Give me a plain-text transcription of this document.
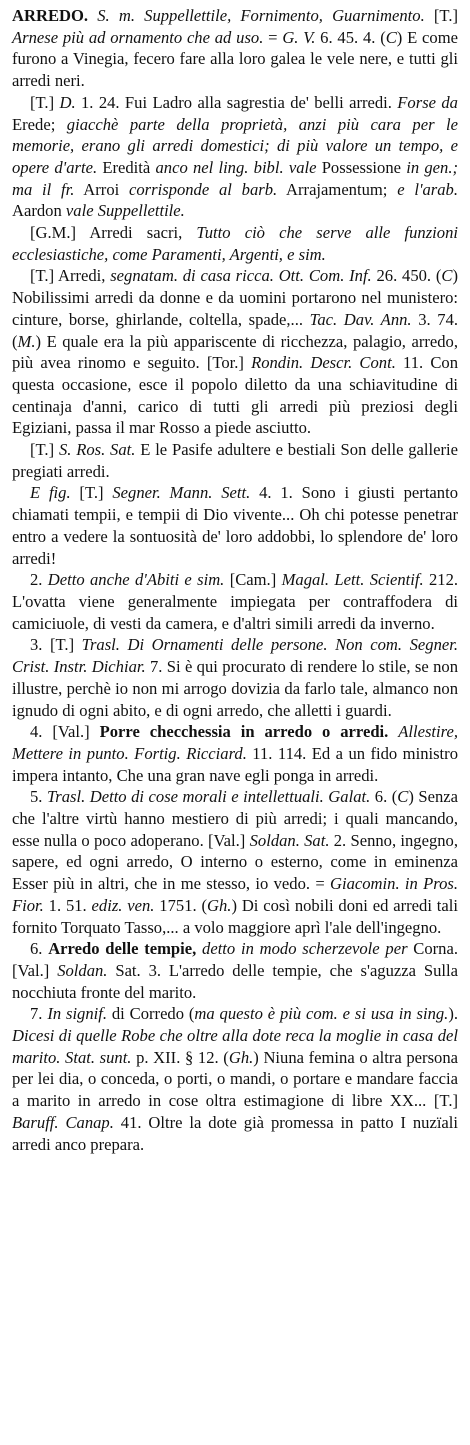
ARREDO. S. m. Suppellettile, Fornimento, Guarnimento. [T.] Arnese più ad ornamento che ad uso. = G. V. 6. 45. 4. (C) E come furono a Vinegia, fecero fare alla loro galea le vele nere, e tutti gli arredi neri.
[T.] D. 1. 24. Fui Ladro alla sagrestia de' belli arredi. Forse da Erede; giacchè parte della proprietà, anzi più cara per le memorie, erano gli arredi domestici; di più valore un tempo, e opere d'arte. Eredità anco nel ling. bibl. vale Possessione in gen.; ma il fr. Arroi corrisponde al barb. Arrajamentum; e l'arab. Aardon vale Suppellettile.
[G.M.] Arredi sacri, Tutto ciò che serve alle funzioni ecclesiastiche, come Paramenti, Argenti, e sim.
[T.] Arredi, segnatam. di casa ricca. Ott. Com. Inf. 26. 450. (C) Nobilissimi arredi da donne e da uomini portarono nel munistero: cinture, borse, ghirlande, coltella, spade,... Tac. Dav. Ann. 3. 74. (M.) E quale era la più appariscente di ricchezza, palagio, arredo, più avea rinomo e seguito. [Tor.] Rondin. Descr. Cont. 11. Con questa occasione, esce il popolo diletto da una schiavitudine di centinaja d'anni, carico di tutti gli arredi più preziosi degli Egiziani, passa il mar Rosso a piede asciutto.
[T.] S. Ros. Sat. E le Pasife adultere e bestiali Son delle gallerie pregiati arredi.
E fig. [T.] Segner. Mann. Sett. 4. 1. Sono i giusti pertanto chiamati tempii, e tempii di Dio vivente... Oh chi potesse penetrar entro a vedere la sontuosità de' loro addobbi, lo splendore de' loro arredi!
2. Detto anche d'Abiti e sim. [Cam.] Magal. Lett. Scientif. 212. L'ovatta viene generalmente impiegata per contraffodera di camiciuole, di vesti da camera, e d'altri simili arredi da inverno.
3. [T.] Trasl. Di Ornamenti delle persone. Non com. Segner. Crist. Instr. Dichiar. 7. Si è qui procurato di rendere lo stile, se non illustre, perchè io non mi arrogo dovizia da farlo tale, almanco non ignudo di ogni abito, e di ogni arredo, che alletti i guardi.
4. [Val.] Porre checchessia in arredo o arredi. Allestire, Mettere in punto. Fortig. Ricciard. 11. 114. Ed a un fido ministro impera intanto, Che una gran nave egli ponga in arredi.
5. Trasl. Detto di cose morali e intellettuali. Galat. 6. (C) Senza che l'altre virtù hanno mestiero di più arredi; i quali mancando, esse nulla o poco adoperano. [Val.] Soldan. Sat. 2. Senno, ingegno, sapere, ed ogni arredo, O interno o esterno, come in eminenza Esser più in altri, che in me stesso, io vedo. = Giacomin. in Pros. Fior. 1. 51. ediz. ven. 1751. (Gh.) Di così nobili doni ed arredi tali fornito Torquato Tasso,... a volo maggiore aprì l'ale dell'ingegno.
6. Arredo delle tempie, detto in modo scherzevole per Corna. [Val.] Soldan. Sat. 3. L'arredo delle tempie, che s'aguzza Sulla nocchiuta fronte del marito.
7. In signif. di Corredo (ma questo è più com. e si usa in sing.). Dicesi di quelle Robe che oltre alla dote reca la moglie in casa del marito. Stat. sunt. p. XII. § 12. (Gh.) Niuna femina o altra persona per lei dia, o conceda, o porti, o mandi, o portare e mandare faccia a marito in arredo in cose oltra estimagione di libre XX... [T.] Baruff. Canap. 41. Oltre la dote già promessa in patto I nuzïali arredi anco prepara.
